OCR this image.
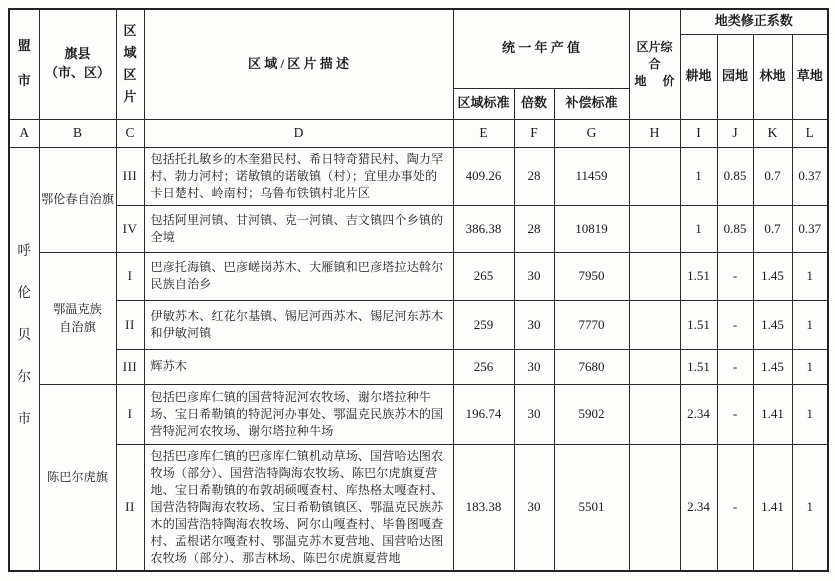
盟
市

旗县
（市、区）

区
域
区
片
	区 域 / 区 片 描 述	统 一 年 产 值	区片综合
地 价
	地类修正系数
								耕地	园地	林地	草地
				区域标准	倍数	补偿标准					
A	B	C	D	E	F	G	H	I	J	K	L

呼
伦
贝
尔
市	鄂伦春自治旗	III	包括托扎敏乡的木奎猎民村、希日特奇猎民村、陶力罕村、勃力河村；诺敏镇的诺敏镇（村）；宜里办事处的卡日楚村、岭南村；乌鲁布铁镇村北片区	409.26	28	11459		1	0.85	0.7	0.37
		IV	包括阿里河镇、甘河镇、克一河镇、吉文镇四个乡镇的全境	386.38	28	10819		1	0.85	0.7	0.37

	鄂温克族
自治旗	I	巴彦托海镇、巴彦嵯岗苏木、大雁镇和巴彦塔拉达斡尔民族自治乡	265	30	7950		1.51	-	1.45	1
		II	伊敏苏木、红花尔基镇、锡尼河西苏木、锡尼河东苏木和伊敏河镇	259	30	7770		1.51	-	1.45	1
		III	辉苏木	256	30	7680		1.51	-	1.45	1

	陈巴尔虎旗	I	包括巴彦库仁镇的国营特泥河农牧场、谢尔塔拉种牛场、宝日希勒镇的特泥河办事处、鄂温克民族苏木的国营特泥河农牧场、谢尔塔拉种牛场	196.74	30	5902		2.34	-	1.41	1
		II	包括巴彦库仁镇的巴彦库仁镇机动草场、国营哈达图农牧场（部分）、国营浩特陶海农牧场、陈巴尔虎旗夏营地、宝日希勒镇的布敦胡硕嘎查村、库热格太嘎查村、国营浩特陶海农牧场、宝日希勒镇镇区、鄂温克民族苏木的国营浩特陶海农牧场、阿尔山嘎查村、毕鲁图嘎查村、孟根诺尔嘎查村、鄂温克苏木夏营地、国营哈达图农牧场（部分）、那吉林场、陈巴尔虎旗夏营地	183.38	30	5501		2.34	-	1.41	1
